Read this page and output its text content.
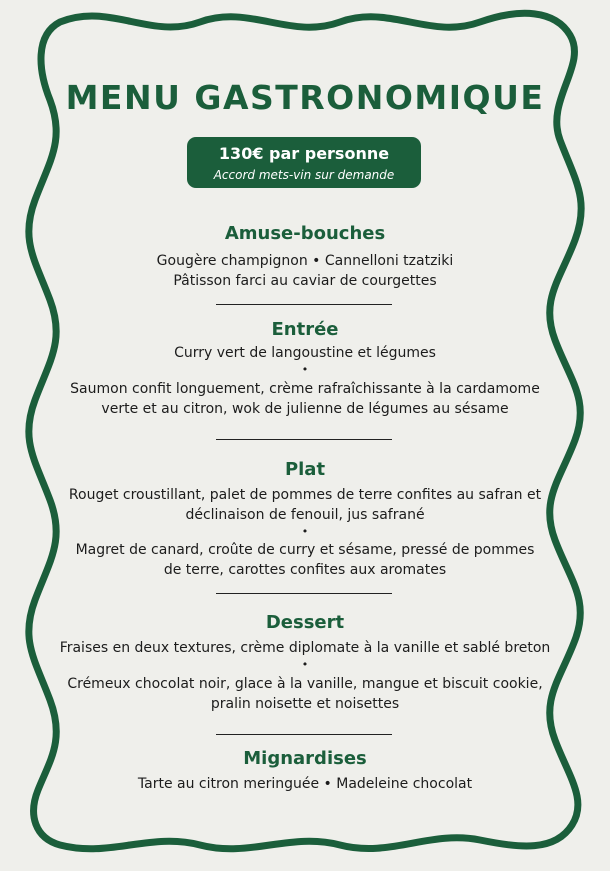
MENU GASTRONOMIQUE
130€ par personne
Accord mets-vin sur demande
Amuse-bouches
Gougère champignon • Cannelloni tzatziki
Pâtisson farci au caviar de courgettes
Entrée
Curry vert de langoustine et légumes
•
Saumon confit longuement, crème rafraîchissante à la cardamome
verte et au citron, wok de julienne de légumes au sésame
Plat
Rouget croustillant, palet de pommes de terre confites au safran et
déclinaison de fenouil, jus safrané
•
Magret de canard, croûte de curry et sésame, pressé de pommes
de terre, carottes confites aux aromates
Dessert
Fraises en deux textures, crème diplomate à la vanille et sablé breton
•
Crémeux chocolat noir, glace à la vanille, mangue et biscuit cookie,
pralin noisette et noisettes
Mignardises
Tarte au citron meringuée • Madeleine chocolat
